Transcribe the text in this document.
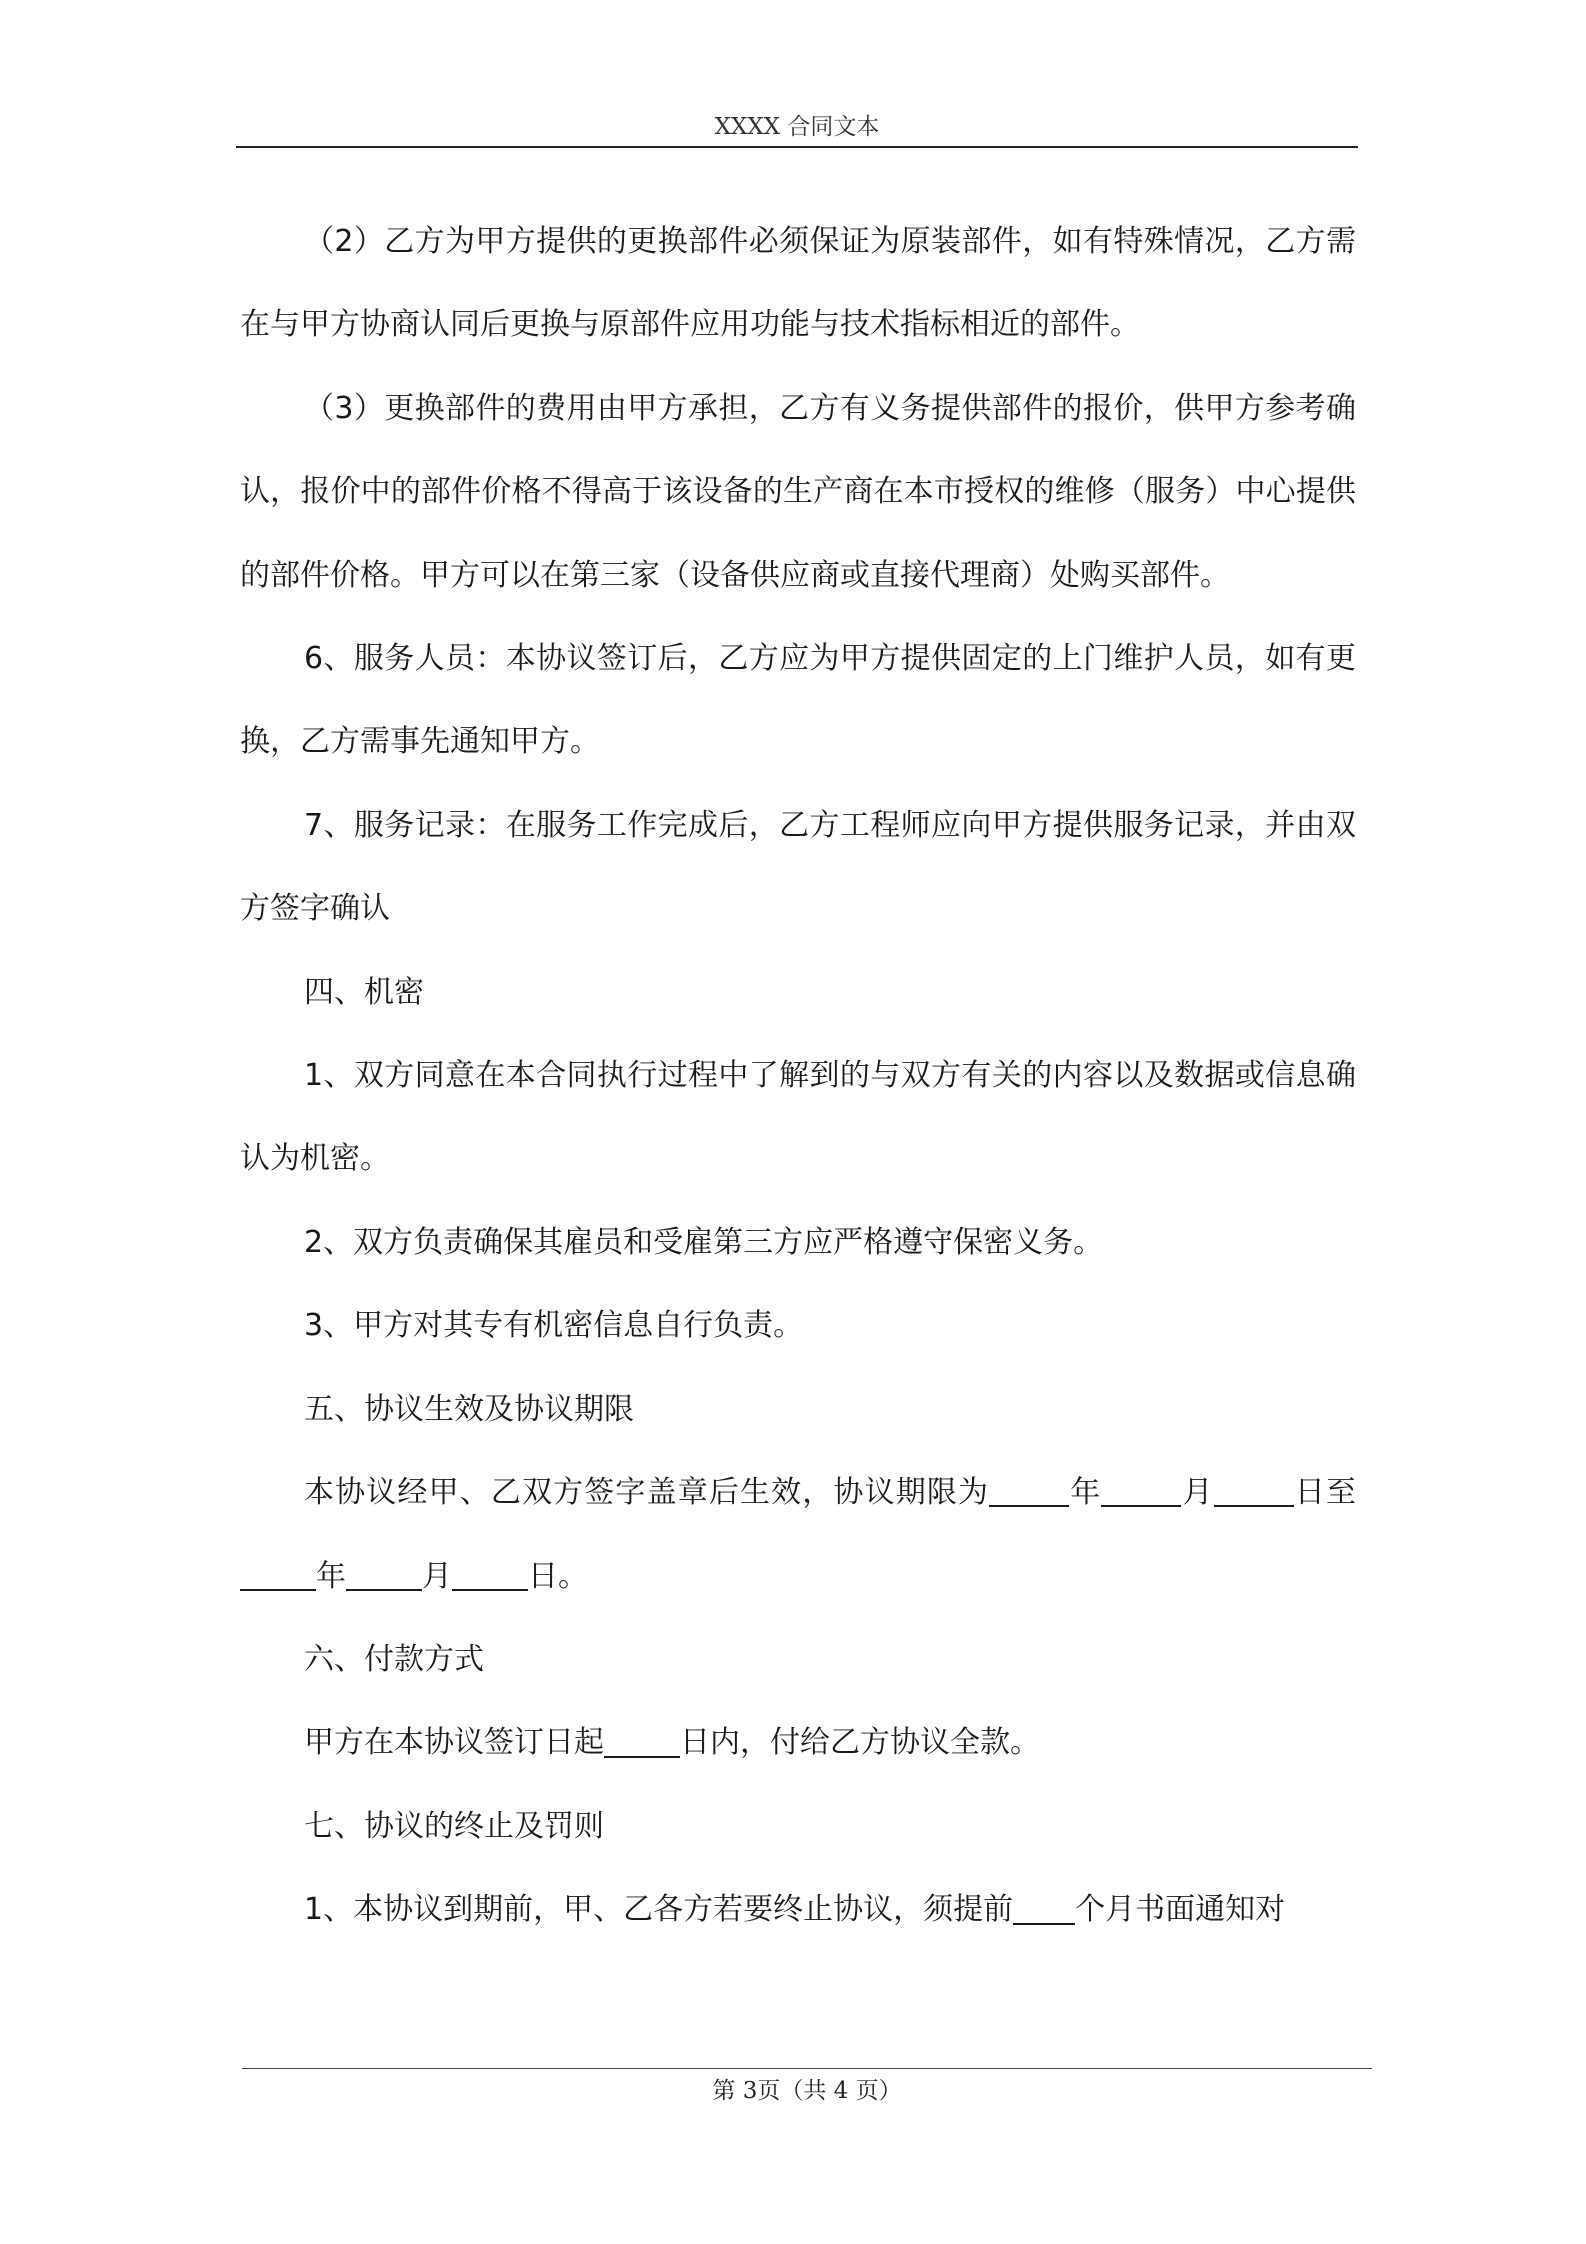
XXXX 合同文本

（2）乙方为甲方提供的更换部件必须保证为原装部件，如有特殊情况，乙方需在与甲方协商认同后更换与原部件应用功能与技术指标相近的部件。

（3）更换部件的费用由甲方承担，乙方有义务提供部件的报价，供甲方参考确认，报价中的部件价格不得高于该设备的生产商在本市授权的维修（服务）中心提供的部件价格。甲方可以在第三家（设备供应商或直接代理商）处购买部件。

6、服务人员：本协议签订后，乙方应为甲方提供固定的上门维护人员，如有更换，乙方需事先通知甲方。

7、服务记录：在服务工作完成后，乙方工程师应向甲方提供服务记录，并由双方签字确认

四、机密

1、双方同意在本合同执行过程中了解到的与双方有关的内容以及数据或信息确认为机密。

2、双方负责确保其雇员和受雇第三方应严格遵守保密义务。

3、甲方对其专有机密信息自行负责。

五、协议生效及协议期限

本协议经甲、乙双方签字盖章后生效，协议期限为	年	月	日至年	月	日。

六、付款方式

甲方在本协议签订日起	日内，付给乙方协议全款。

七、协议的终止及罚则

1、本协议到期前，甲、乙各方若要终止协议，须提前 个月书面通知对

第 3页（共 4 页）
